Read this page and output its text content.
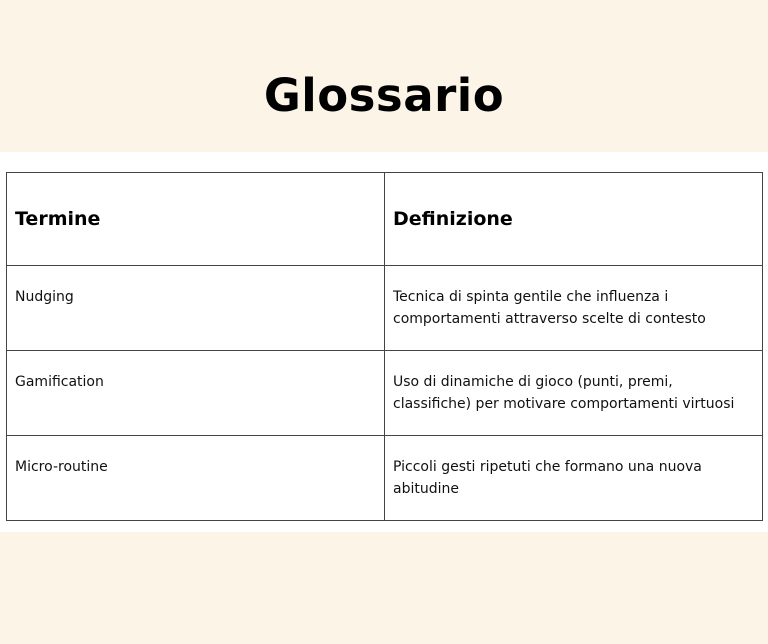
Glossario
Termine	Definizione

Nudging	Tecnica di spinta gentile che influenza i comportamenti attraverso scelte di contesto

Gamification	Uso di dinamiche di gioco (punti, premi, classifiche) per motivare comportamenti virtuosi

Micro-routine	Piccoli gesti ripetuti che formano una nuova abitudine
